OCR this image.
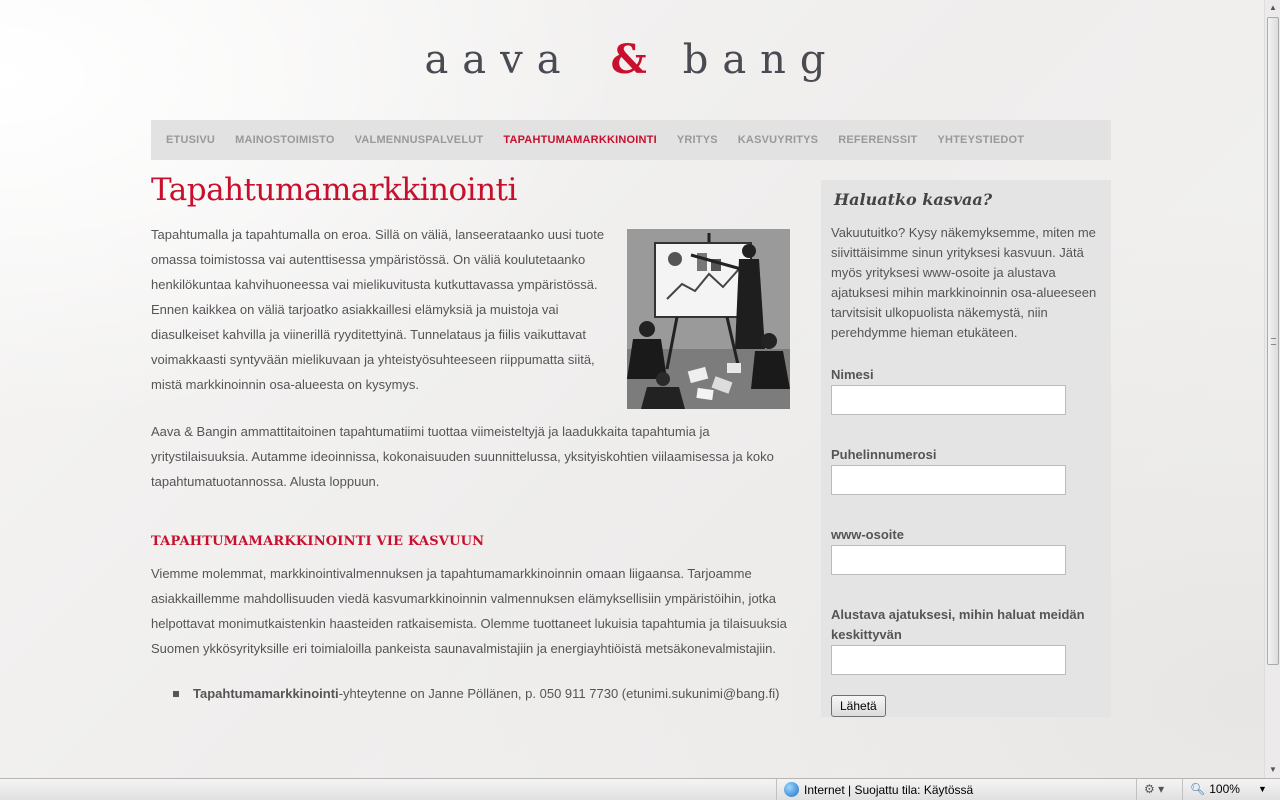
aava & bang
ETUSIVU MAINOSTOIMISTO VALMENNUSPALVELUT TAPAHTUMAMARKKINOINTI YRITYS KASVUYRITYS REFERENSSIT YHTEYSTIEDOT
Tapahtumamarkkinointi

Tapahtumalla ja tapahtumalla on eroa. Sillä on väliä, lanseerataanko uusi tuote omassa toimistossa vai autenttisessa ympäristössä. On väliä koulutetaanko henkilökuntaa kahvihuoneessa vai mielikuvitusta kutkuttavassa ympäristössä. Ennen kaikkea on väliä tarjoatko asiakkaillesi elämyksiä ja muistoja vai diasulkeiset kahvilla ja viinerillä ryyditettyinä. Tunnelataus ja fiilis vaikuttavat voimakkaasti syntyvään mielikuvaan ja yhteistyösuhteeseen riippumatta siitä, mistä markkinoinnin osa-alueesta on kysymys.

Aava & Bangin ammattitaitoinen tapahtumatiimi tuottaa viimeisteltyjä ja laadukkaita tapahtumia ja yritystilaisuuksia. Autamme ideoinnissa, kokonaisuuden suunnittelussa, yksityiskohtien viilaamisessa ja koko tapahtumatuotannossa. Alusta loppuun.

TAPAHTUMAMARKKINOINTI VIE KASVUUN

Viemme molemmat, markkinointivalmennuksen ja tapahtumamarkkinoinnin omaan liigaansa. Tarjoamme asiakkaillemme mahdollisuuden viedä kasvumarkkinoinnin valmennuksen elämyksellisiin ympäristöihin, jotka helpottavat monimutkaistenkin haasteiden ratkaisemista. Olemme tuottaneet lukuisia tapahtumia ja tilaisuuksia Suomen ykkösyrityksille eri toimialoilla pankeista saunavalmistajiin ja energiayhtiöistä metsäkonevalmistajiin.

Tapahtumamarkkinointi-yhteytenne on Janne Pöllänen, p. 050 911 7730 (etunimi.sukunimi@bang.fi)
Haluatko kasvaa?

Vakuutuitko? Kysy näkemyksemme, miten me siivittäisimme sinun yrityksesi kasvuun. Jätä myös yrityksesi www-osoite ja alustava ajatuksesi mihin markkinoinnin osa-alueeseen tarvitsisit ulkopuolista näkemystä, niin perehdymme hieman etukäteen.

Nimesi
Puhelinnumerosi
www-osoite
Alustava ajatuksesi, mihin haluat meidän keskittyvän
Lähetä
▲
▼
Internet | Suojattu tila: Käytössä	⚙ ▾ 🔍︎ 100% ▼
